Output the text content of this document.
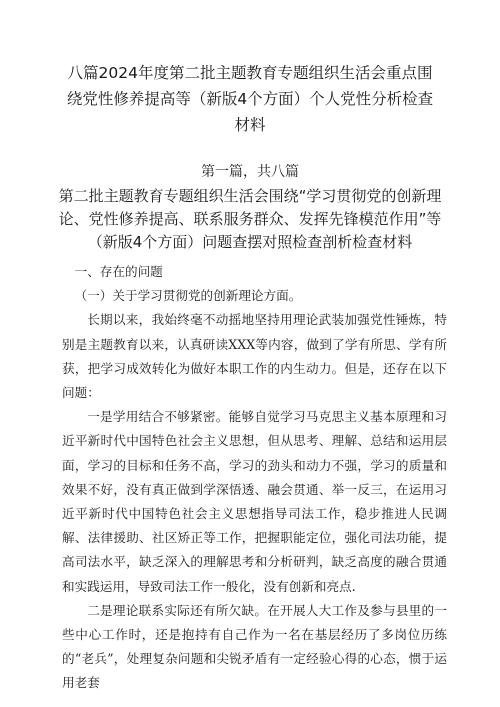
八篇2024年度第二批主题教育专题组织生活会重点围绕党性修养提高等（新版4个方面）个人党性分析检查材料
第一篇，共八篇
第二批主题教育专题组织生活会围绕“学习贯彻党的创新理论、党性修养提高、联系服务群众、发挥先锋模范作用”等（新版4个方面）问题查摆对照检查剖析检查材料

一、存在的问题

（一）关于学习贯彻党的创新理论方面。

长期以来，我始终毫不动摇地坚持用理论武装加强党性锤炼，特别是主题教育以来，认真研读XXX等内容，做到了学有所思、学有所获，把学习成效转化为做好本职工作的内生动力。但是，还存在以下问题：

一是学用结合不够紧密。能够自觉学习马克思主义基本原理和习近平新时代中国特色社会主义思想，但从思考、理解、总结和运用层面，学习的目标和任务不高，学习的劲头和动力不强，学习的质量和效果不好，没有真正做到学深悟透、融会贯通、举一反三，在运用习近平新时代中国特色社会主义思想指导司法工作，稳步推进人民调解、法律援助、社区矫正等工作，把握职能定位，强化司法功能，提高司法水平，缺乏深入的理解思考和分析研判，缺乏高度的融合贯通和实践运用，导致司法工作一般化，没有创新和亮点.

二是理论联系实际还有所欠缺。在开展人大工作及参与县里的一些中心工作时，还是抱持有自己作为一名在基层经历了多岗位历练的“老兵”，处理复杂问题和尖锐矛盾有一定经验心得的心态，惯于运用老套
